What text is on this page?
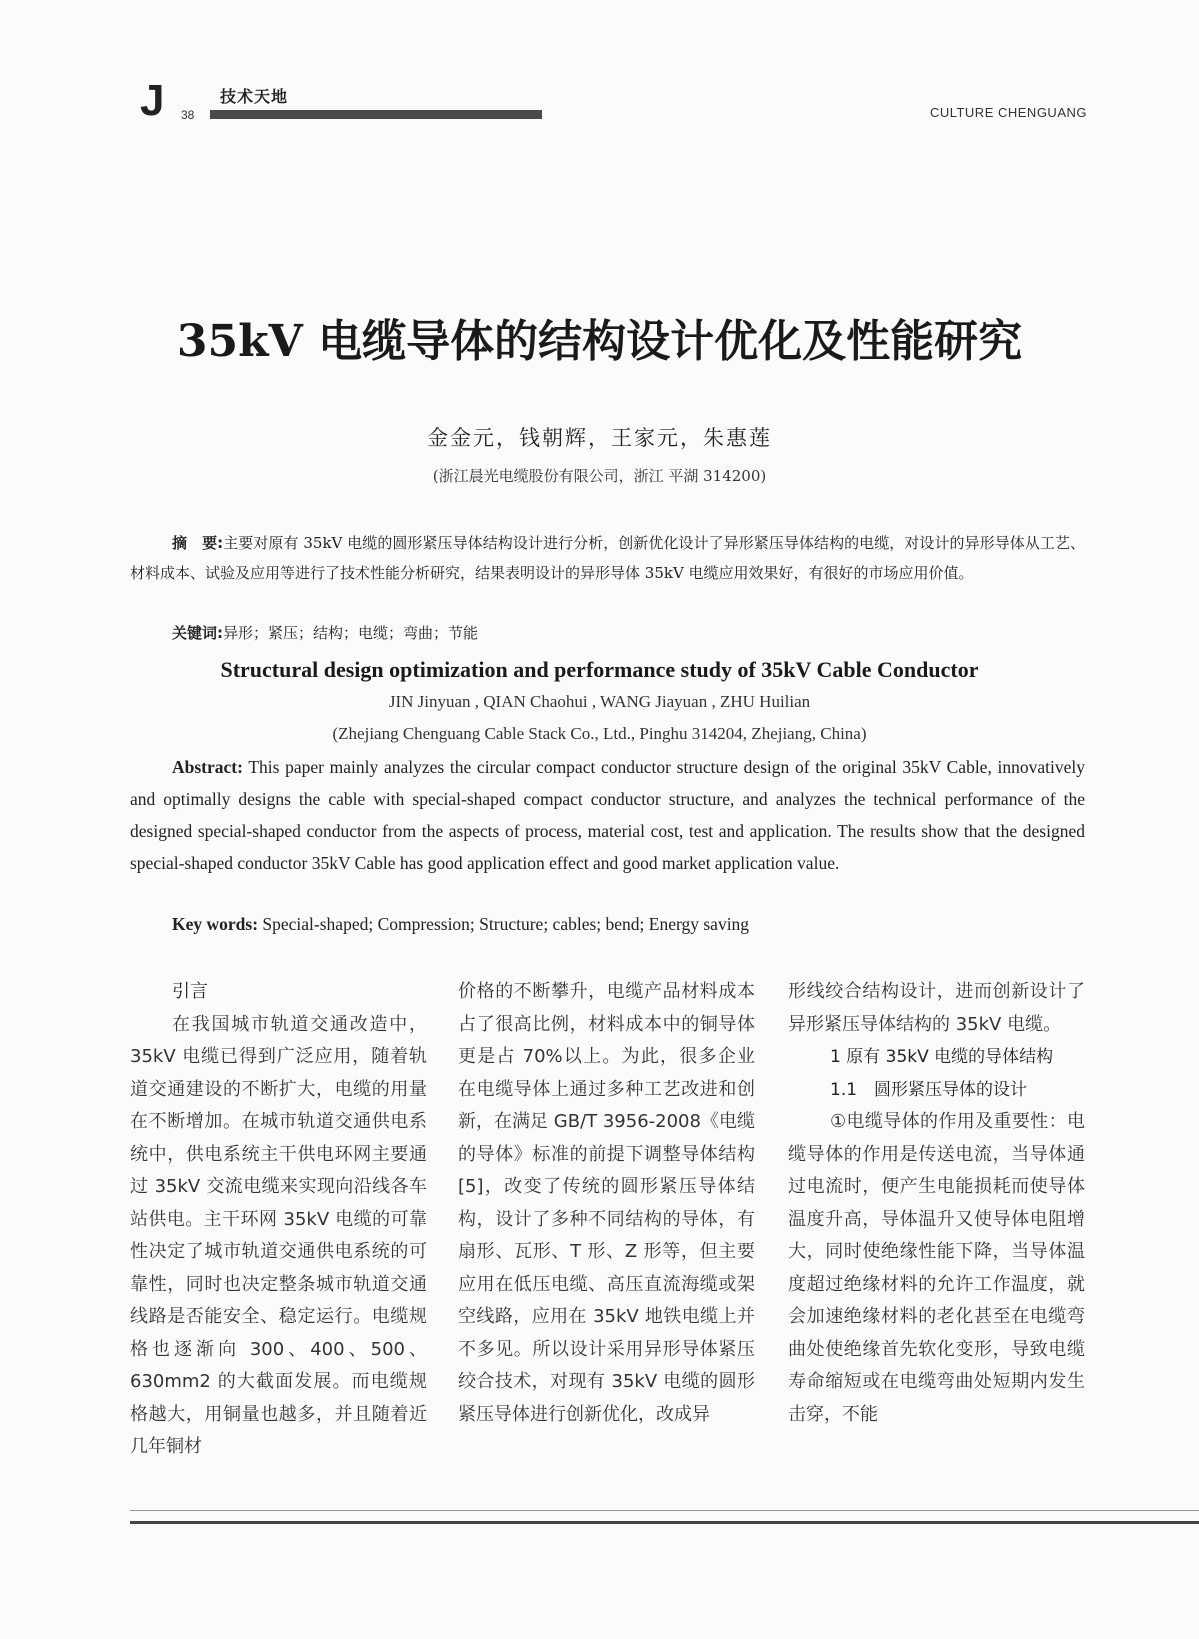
J 38
技术天地
CULTURE CHENGUANG
35kV 电缆导体的结构设计优化及性能研究
金金元，钱朝辉，王家元，朱惠莲
(浙江晨光电缆股份有限公司，浙江 平湖 314200)
摘　要:主要对原有 35kV 电缆的圆形紧压导体结构设计进行分析，创新优化设计了异形紧压导体结构的电缆，对设计的异形导体从工艺、材料成本、试验及应用等进行了技术性能分析研究，结果表明设计的异形导体 35kV 电缆应用效果好，有很好的市场应用价值。
关键词:异形；紧压；结构；电缆；弯曲；节能
Structural design optimization and performance study of 35kV Cable Conductor
JIN Jinyuan , QIAN Chaohui , WANG Jiayuan , ZHU Huilian
(Zhejiang Chenguang Cable Stack Co., Ltd., Pinghu 314204, Zhejiang, China)
Abstract: This paper mainly analyzes the circular compact conductor structure design of the original 35kV Cable, innovatively and optimally designs the cable with special-shaped compact conductor structure, and analyzes the technical performance of the designed special-shaped conductor from the aspects of process, material cost, test and application. The results show that the designed special-shaped conductor 35kV Cable has good application effect and good market application value.
Key words: Special-shaped; Compression; Structure; cables; bend; Energy saving

引言

在我国城市轨道交通改造中，35kV 电缆已得到广泛应用，随着轨道交通建设的不断扩大，电缆的用量在不断增加。在城市轨道交通供电系统中，供电系统主干供电环网主要通过 35kV 交流电缆来实现向沿线各车站供电。主干环网 35kV 电缆的可靠性决定了城市轨道交通供电系统的可靠性，同时也决定整条城市轨道交通线路是否能安全、稳定运行。电缆规格也逐渐向 300、400、500、630mm2 的大截面发展。而电缆规格越大，用铜量也越多，并且随着近几年铜材

价格的不断攀升，电缆产品材料成本占了很高比例，材料成本中的铜导体更是占 70%以上。为此，很多企业在电缆导体上通过多种工艺改进和创新，在满足 GB/T 3956-2008《电缆的导体》标准的前提下调整导体结构[5]，改变了传统的圆形紧压导体结构，设计了多种不同结构的导体，有扇形、瓦形、T 形、Z 形等，但主要应用在低压电缆、高压直流海缆或架空线路，应用在 35kV 地铁电缆上并不多见。所以设计采用异形导体紧压绞合技术，对现有 35kV 电缆的圆形紧压导体进行创新优化，改成异

形线绞合结构设计，进而创新设计了异形紧压导体结构的 35kV 电缆。

1 原有 35kV 电缆的导体结构

1.1　圆形紧压导体的设计

①电缆导体的作用及重要性：电缆导体的作用是传送电流，当导体通过电流时，便产生电能损耗而使导体温度升高，导体温升又使导体电阻增大，同时使绝缘性能下降，当导体温度超过绝缘材料的允许工作温度，就会加速绝缘材料的老化甚至在电缆弯曲处使绝缘首先软化变形，导致电缆寿命缩短或在电缆弯曲处短期内发生击穿，不能
